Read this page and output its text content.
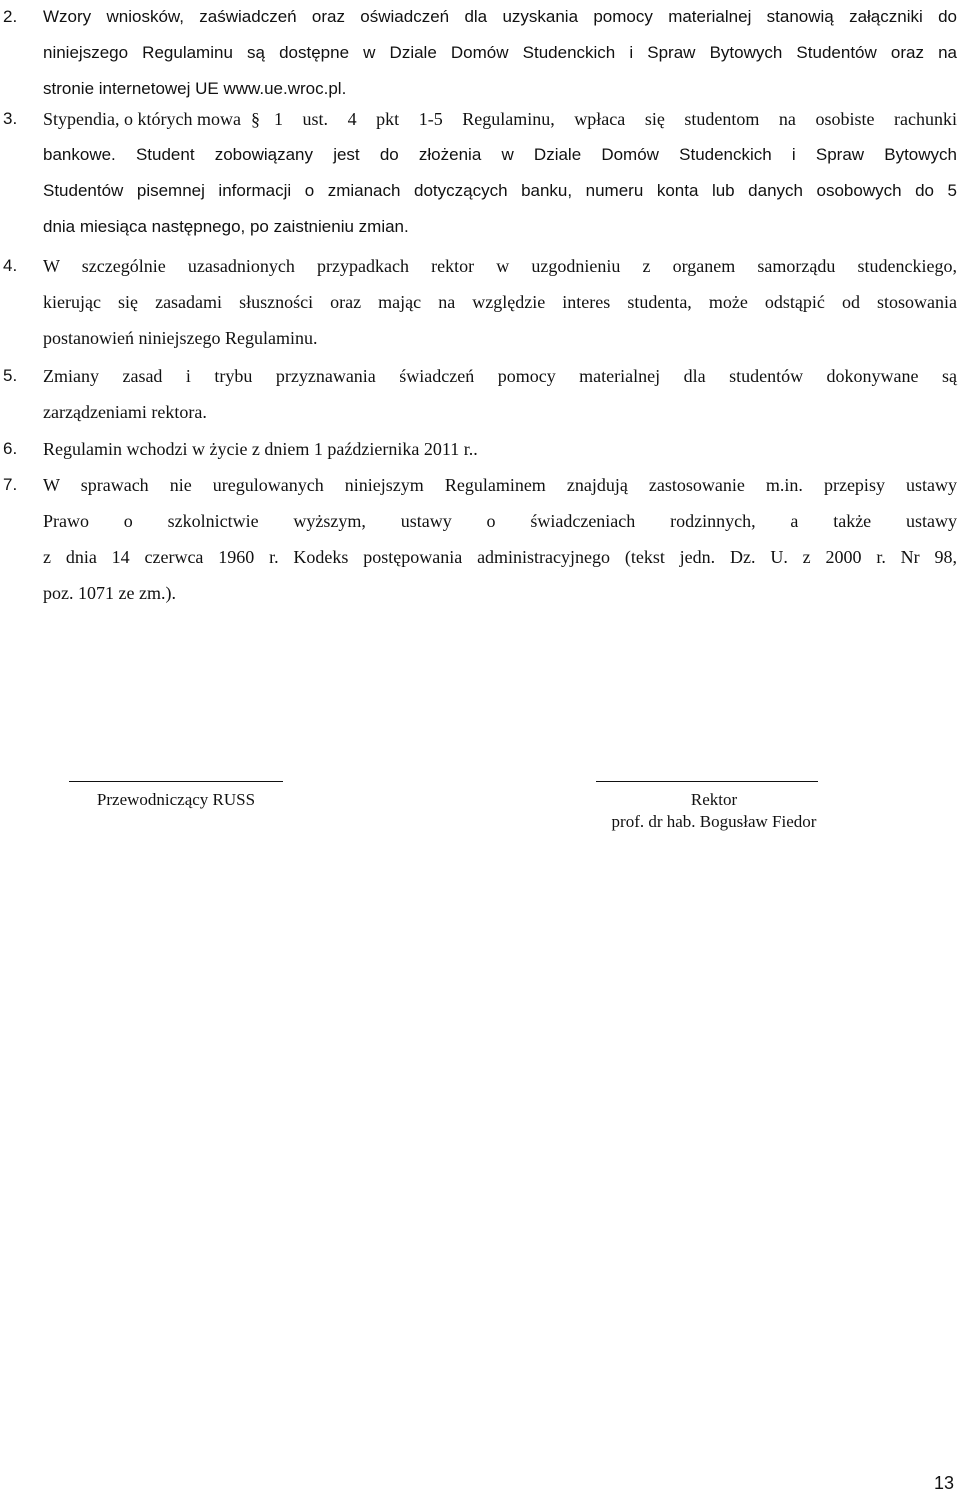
2. Wzory wniosków, zaświadczeń oraz oświadczeń dla uzyskania pomocy materialnej stanowią załączniki do
niniejszego Regulaminu są dostępne w Dziale Domów Studenckich i Spraw Bytowych Studentów oraz na
stronie internetowej UE www.ue.wroc.pl.
3. Stypendia, o których mowa § 1 ust. 4 pkt 1-5 Regulaminu, wpłaca się studentom na osobiste rachunki
bankowe. Student zobowiązany jest do złożenia w Dziale Domów Studenckich i Spraw Bytowych
Studentów pisemnej informacji o zmianach dotyczących banku, numeru konta lub danych osobowych do 5
dnia miesiąca następnego, po zaistnieniu zmian.
4. W szczególnie uzasadnionych przypadkach rektor w uzgodnieniu z organem samorządu studenckiego,
kierując się zasadami słuszności oraz mając na względzie interes studenta, może odstąpić od stosowania
postanowień niniejszego Regulaminu.
5. Zmiany zasad i trybu przyznawania świadczeń pomocy materialnej dla studentów dokonywane są
zarządzeniami rektora.
6. Regulamin wchodzi w życie z dniem 1 października 2011 r..
7. W sprawach nie uregulowanych niniejszym Regulaminem znajdują zastosowanie m.in. przepisy ustawy
Prawo o szkolnictwie wyższym, ustawy o świadczeniach rodzinnych, a także ustawy
z dnia 14 czerwca 1960 r. Kodeks postępowania administracyjnego (tekst jedn. Dz. U. z 2000 r. Nr 98,
poz. 1071 ze zm.).
Przewodniczący RUSS	Rektor
prof. dr hab. Bogusław Fiedor
13
